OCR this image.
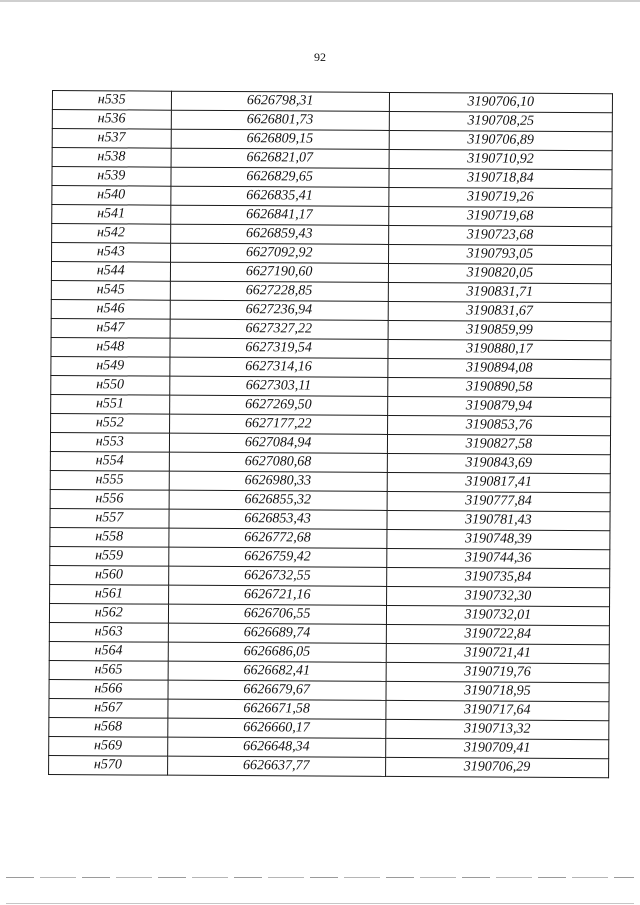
92
н535	6626798,31	3190706,10
н536	6626801,73	3190708,25
н537	6626809,15	3190706,89
н538	6626821,07	3190710,92
н539	6626829,65	3190718,84
н540	6626835,41	3190719,26
н541	6626841,17	3190719,68
н542	6626859,43	3190723,68
н543	6627092,92	3190793,05
н544	6627190,60	3190820,05
н545	6627228,85	3190831,71
н546	6627236,94	3190831,67
н547	6627327,22	3190859,99
н548	6627319,54	3190880,17
н549	6627314,16	3190894,08
н550	6627303,11	3190890,58
н551	6627269,50	3190879,94
н552	6627177,22	3190853,76
н553	6627084,94	3190827,58
н554	6627080,68	3190843,69
н555	6626980,33	3190817,41
н556	6626855,32	3190777,84
н557	6626853,43	3190781,43
н558	6626772,68	3190748,39
н559	6626759,42	3190744,36
н560	6626732,55	3190735,84
н561	6626721,16	3190732,30
н562	6626706,55	3190732,01
н563	6626689,74	3190722,84
н564	6626686,05	3190721,41
н565	6626682,41	3190719,76
н566	6626679,67	3190718,95
н567	6626671,58	3190717,64
н568	6626660,17	3190713,32
н569	6626648,34	3190709,41
н570	6626637,77	3190706,29
